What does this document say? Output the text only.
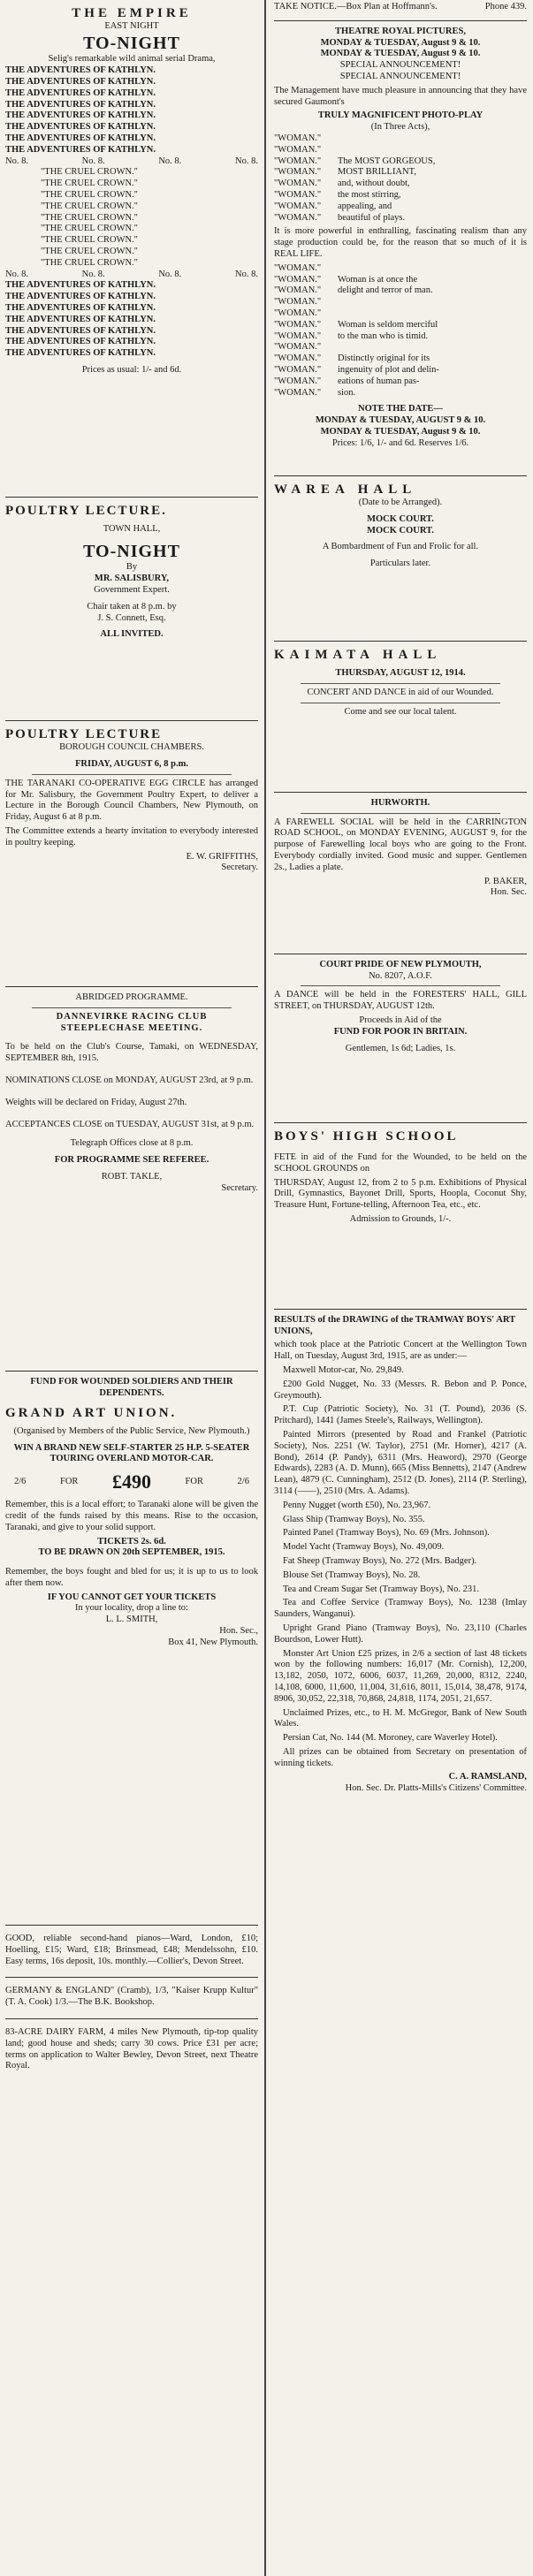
THE EMPIRE
EAST NIGHT
TO-NIGHT
Selig's remarkable wild animal serial Drama,
THE ADVENTURES OF KATHLYN.
THE ADVENTURES OF KATHLYN.
THE ADVENTURES OF KATHLYN.
THE ADVENTURES OF KATHLYN.
THE ADVENTURES OF KATHLYN.
THE ADVENTURES OF KATHLYN.
THE ADVENTURES OF KATHLYN.
THE ADVENTURES OF KATHLYN.
No. 8.	No. 8.	No. 8.	No. 8.
"THE CRUEL CROWN."
"THE CRUEL CROWN."
"THE CRUEL CROWN."
"THE CRUEL CROWN."
"THE CRUEL CROWN."
"THE CRUEL CROWN."
"THE CRUEL CROWN."
"THE CRUEL CROWN."
"THE CRUEL CROWN."
No. 8.	No. 8.	No. 8.	No. 8.
THE ADVENTURES OF KATHLYN.
THE ADVENTURES OF KATHLYN.
THE ADVENTURES OF KATHLYN.
THE ADVENTURES OF KATHLYN.
THE ADVENTURES OF KATHLYN.
THE ADVENTURES OF KATHLYN.
THE ADVENTURES OF KATHLYN.
Prices as usual: 1/- and 6d.
POULTRY LECTURE.
TOWN HALL,
TO-NIGHT
By
MR. SALISBURY,
Government Expert.
Chair taken at 8 p.m. by
J. S. Connett, Esq.
ALL INVITED.
POULTRY LECTURE
BOROUGH COUNCIL CHAMBERS.
FRIDAY, AUGUST 6, 8 p.m.

THE TARANAKI CO-OPERATIVE EGG CIRCLE has arranged for Mr. Salisbury, the Government Poultry Expert, to deliver a Lecture in the Borough Council Chambers, New Plymouth, on Friday, August 6 at 8 p.m.

The Committee extends a hearty invitation to everybody interested in poultry keeping.

E. W. GRIFFITHS,
Secretary.
ABRIDGED PROGRAMME.
DANNEVIRKE RACING CLUB
STEEPLECHASE MEETING.

To be held on the Club's Course, Tamaki, on WEDNESDAY, SEPTEMBER 8th, 1915.

NOMINATIONS CLOSE on MONDAY, AUGUST 23rd, at 9 p.m.

Weights will be declared on Friday, August 27th.

ACCEPTANCES CLOSE on TUESDAY, AUGUST 31st, at 9 p.m.

Telegraph Offices close at 8 p.m.
FOR PROGRAMME SEE REFEREE.
ROBT. TAKLE,
Secretary.
FUND FOR WOUNDED SOLDIERS AND THEIR DEPENDENTS.
GRAND ART UNION.
(Organised by Members of the Public Service, New Plymouth.)
WIN A BRAND NEW SELF-STARTER 25 H.P. 5-SEATER TOURING OVERLAND MOTOR-CAR.
2/6	FOR £490	FOR	2/6

Remember, this is a local effort; to Taranaki alone will be given the credit of the funds raised by this means. Rise to the occasion, Taranaki, and give to your solid support.

TICKETS 2s. 6d.
TO BE DRAWN ON 20th SEPTEMBER, 1915.

Remember, the boys fought and bled for us; it is up to us to look after them now.

IF YOU CANNOT GET YOUR TICKETS
In your locality, drop a line to:
L. L. SMITH,
Hon. Sec.,
Box 41, New Plymouth.

GOOD, reliable second-hand pianos—Ward, London, £10; Hoelling, £15; Ward, £18; Brinsmead, £48; Mendelssohn, £10. Easy terms, 16s deposit, 10s. monthly.—Collier's, Devon Street.

GERMANY & ENGLAND" (Cramb), 1/3, "Kaiser Krupp Kultur" (T. A. Cook) 1/3.—The B.K. Bookshop.

83-ACRE DAIRY FARM, 4 miles New Plymouth, tip-top quality land; good house and sheds; carry 30 cows. Price £31 per acre; terms on application to Walter Bewley, Devon Street, next Theatre Royal.

TAKE NOTICE.—Box Plan at Hoffmann's.	Phone 439.
THEATRE ROYAL PICTURES,
MONDAY & TUESDAY, August 9 & 10.
MONDAY & TUESDAY, August 9 & 10.
SPECIAL ANNOUNCEMENT!
SPECIAL ANNOUNCEMENT!

The Management have much pleasure in announcing that they have secured Gaumont's

TRULY MAGNIFICENT PHOTO-PLAY
(In Three Acts),
"WOMAN."
"WOMAN."
"WOMAN."	The MOST GORGEOUS,
"WOMAN."	MOST BRILLIANT,
"WOMAN."	and, without doubt,
"WOMAN."	the most stirring,
"WOMAN."	appealing, and
"WOMAN."	beautiful of plays.

It is more powerful in enthralling, fascinating realism than any stage production could be, for the reason that so much of it is REAL LIFE.

"WOMAN."
"WOMAN."	Woman is at once the
"WOMAN."	delight and terror of man.
"WOMAN."
"WOMAN."
"WOMAN."	Woman is seldom merciful
"WOMAN."	to the man who is timid.
"WOMAN."
"WOMAN."	Distinctly original for its
"WOMAN."	ingenuity of plot and delin-
"WOMAN."	eations of human pas-
"WOMAN."	sion.
NOTE THE DATE—
MONDAY & TUESDAY, AUGUST 9 & 10.
MONDAY & TUESDAY, August 9 & 10.
Prices: 1/6, 1/- and 6d. Reserves 1/6.
WAREA HALL
(Date to be Arranged).
MOCK COURT.
MOCK COURT.
A Bombardment of Fun and Frolic for all.
Particulars later.
KAIMATA HALL
THURSDAY, AUGUST 12, 1914.

CONCERT AND DANCE in aid of our Wounded.

Come and see our local talent.
HURWORTH.

A FAREWELL SOCIAL will be held in the CARRINGTON ROAD SCHOOL, on MONDAY EVENING, AUGUST 9, for the purpose of Farewelling local boys who are going to the Front. Everybody cordially invited. Good music and supper. Gentlemen 2s., Ladies a plate.

P. BAKER,
Hon. Sec.
COURT PRIDE OF NEW PLYMOUTH,
No. 8207, A.O.F.

A DANCE will be held in the FORESTERS' HALL, GILL STREET, on THURSDAY, AUGUST 12th.

Proceeds in Aid of the
FUND FOR POOR IN BRITAIN.
Gentlemen, 1s 6d; Ladies, 1s.
BOYS' HIGH SCHOOL

FETE in aid of the Fund for the Wounded, to be held on the SCHOOL GROUNDS on

THURSDAY, August 12, from 2 to 5 p.m. Exhibitions of Physical Drill, Gymnastics, Bayonet Drill, Sports, Hoopla, Coconut Shy, Treasure Hunt, Fortune-telling, Afternoon Tea, etc., etc.

Admission to Grounds, 1/-.
RESULTS of the DRAWING of the TRAMWAY BOYS' ART UNIONS,

which took place at the Patriotic Concert at the Wellington Town Hall, on Tuesday, August 3rd, 1915, are as under:—

Maxwell Motor-car, No. 29,849.

£200 Gold Nugget, No. 33 (Messrs. R. Bebon and P. Ponce, Greymouth).

P.T. Cup (Patriotic Society), No. 31 (T. Pound), 2036 (S. Pritchard), 1441 (James Steele's, Railways, Wellington).

Painted Mirrors (presented by Road and Frankel (Patriotic Society), Nos. 2251 (W. Taylor), 2751 (Mr. Horner), 4217 (A. Bond), 2614 (P. Pandy), 6311 (Mrs. Heaword), 2970 (George Edwards), 2283 (A. D. Munn), 665 (Miss Bennetts), 2147 (Andrew Lean), 4879 (C. Cunningham), 2512 (D. Jones), 2114 (P. Sterling), 3114 (——), 2510 (Mrs. A. Adams).

Penny Nugget (worth £50), No. 23,967.

Glass Ship (Tramway Boys), No. 355.

Painted Panel (Tramway Boys), No. 69 (Mrs. Johnson).

Model Yacht (Tramway Boys), No. 49,009.

Fat Sheep (Tramway Boys), No. 272 (Mrs. Badger).

Blouse Set (Tramway Boys), No. 28.

Tea and Cream Sugar Set (Tramway Boys), No. 231.

Tea and Coffee Service (Tramway Boys), No. 1238 (Imlay Saunders, Wanganui).

Upright Grand Piano (Tramway Boys), No. 23,110 (Charles Bourdson, Lower Hutt).

Monster Art Union £25 prizes, in 2/6 a section of last 48 tickets won by the following numbers: 16,017 (Mr. Cornish), 12,200, 13,182, 2050, 1072, 6006, 6037, 11,269, 20,000, 8312, 2240, 14,108, 6000, 11,600, 11,004, 31,616, 8011, 15,014, 38,478, 9174, 8906, 30,052, 22,318, 70,868, 24,818, 1174, 2051, 21,657.

Unclaimed Prizes, etc., to H. M. McGregor, Bank of New South Wales.

Persian Cat, No. 144 (M. Moroney, care Waverley Hotel).

All prizes can be obtained from Secretary on presentation of winning tickets.

C. A. RAMSLAND,
Hon. Sec. Dr. Platts-Mills's Citizens' Committee.
